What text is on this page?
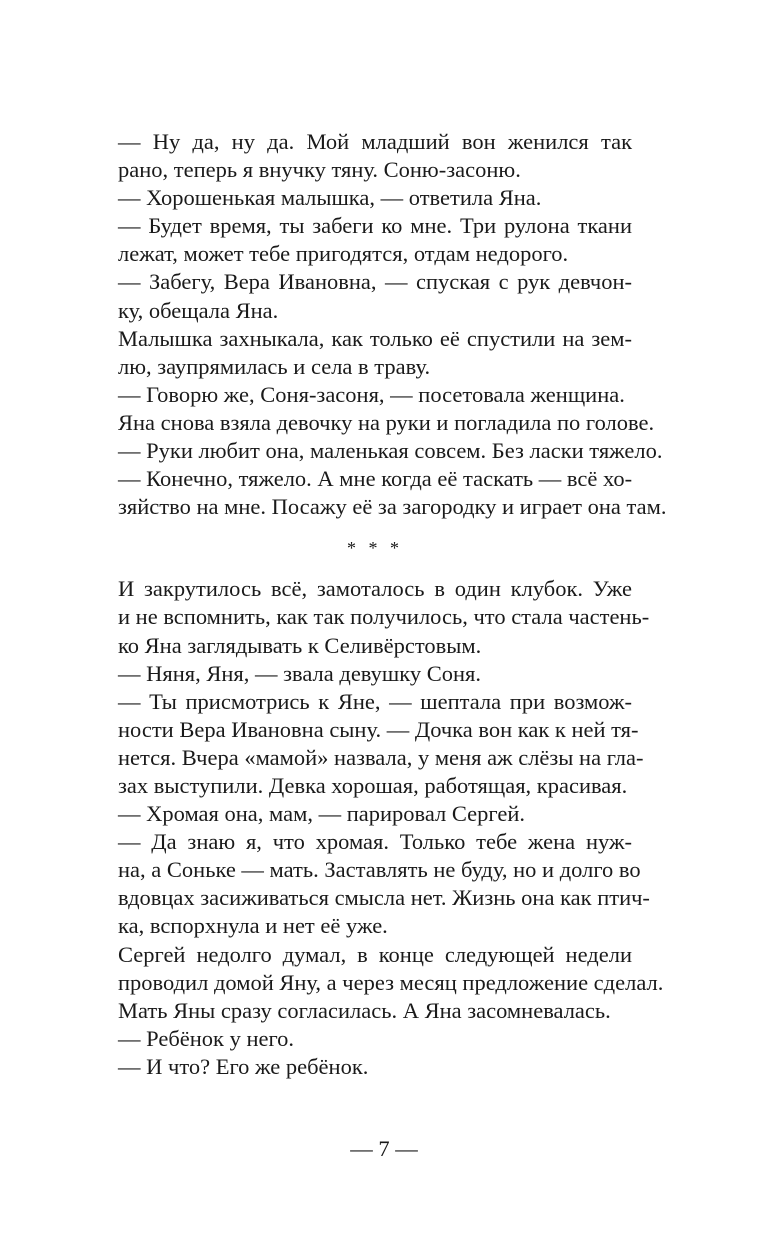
— Ну да, ну да. Мой младший вон женился так
рано, теперь я внучку тяну. Соню-засоню.
— Хорошенькая малышка, — ответила Яна.
— Будет время, ты забеги ко мне. Три рулона ткани
лежат, может тебе пригодятся, отдам недорого.
— Забегу, Вера Ивановна, — спуская с рук девчон-
ку, обещала Яна.
Малышка захныкала, как только её спустили на зем-
лю, заупрямилась и села в траву.
— Говорю же, Соня-засоня, — посетовала женщина.
Яна снова взяла девочку на руки и погладила по голове.
— Руки любит она, маленькая совсем. Без ласки тяжело.
— Конечно, тяжело. А мне когда её таскать — всё хо-
зяйство на мне. Посажу её за загородку и играет она там.
* * *
И закрутилось всё, замоталось в один клубок. Уже
и не вспомнить, как так получилось, что стала частень-
ко Яна заглядывать к Селивёрстовым.
— Няня, Яня, — звала девушку Соня.
— Ты присмотрись к Яне, — шептала при возмож-
ности Вера Ивановна сыну. — Дочка вон как к ней тя-
нется. Вчера «мамой» назвала, у меня аж слёзы на гла-
зах выступили. Девка хорошая, работящая, красивая.
— Хромая она, мам, — парировал Сергей.
— Да знаю я, что хромая. Только тебе жена нуж-
на, а Соньке — мать. Заставлять не буду, но и долго во
вдовцах засиживаться смысла нет. Жизнь она как птич-
ка, вспорхнула и нет её уже.
Сергей недолго думал, в конце следующей недели
проводил домой Яну, а через месяц предложение сделал.
Мать Яны сразу согласилась. А Яна засомневалась.
— Ребёнок у него.
— И что? Его же ребёнок.
— 7 —
